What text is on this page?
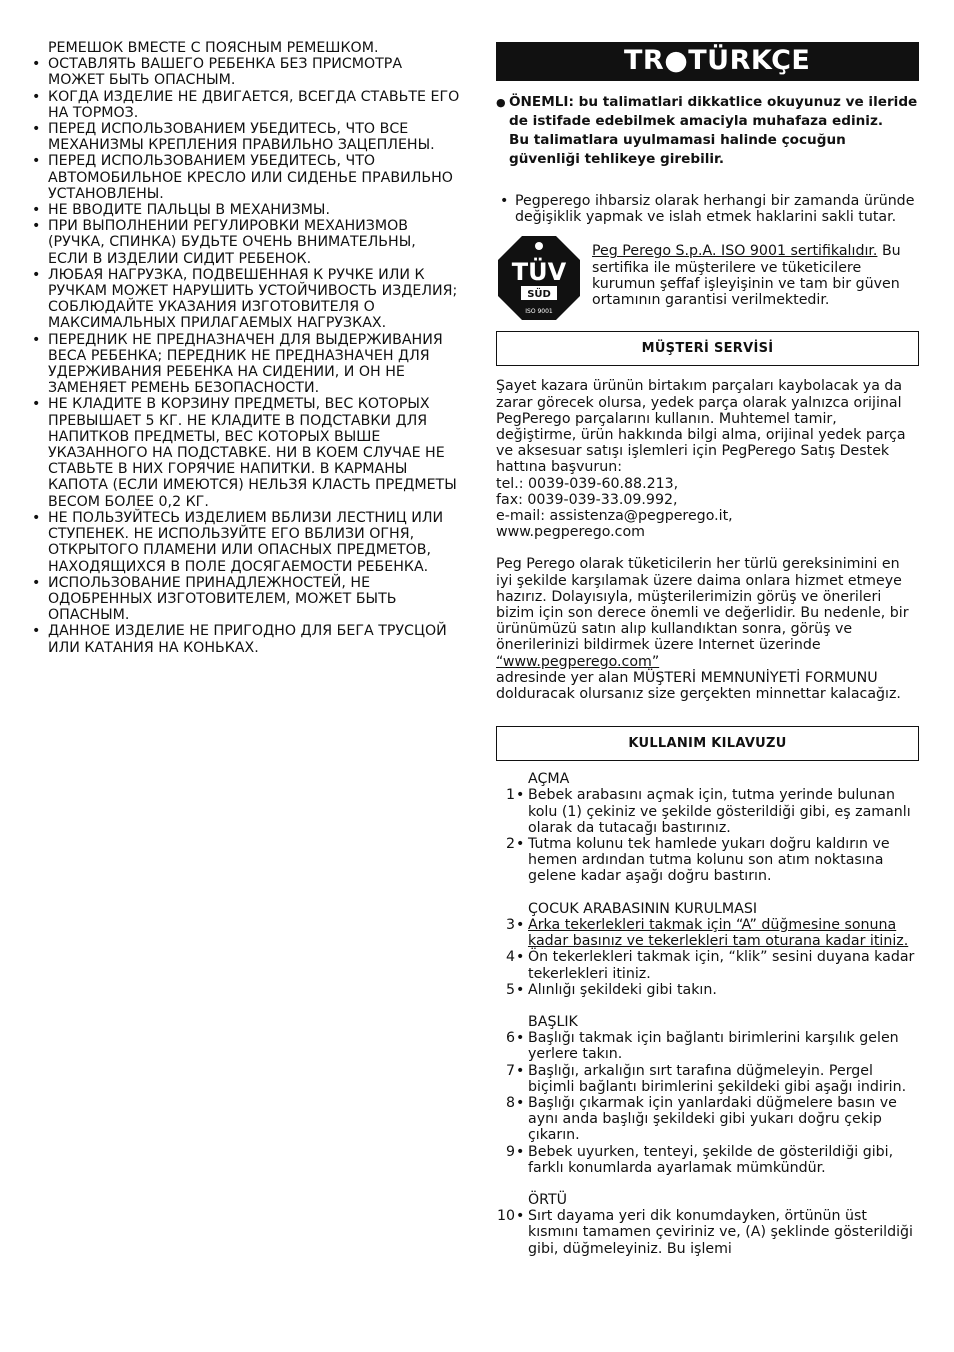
РЕМЕШОК ВМЕСТЕ С ПОЯСНЫМ РЕМЕШКОМ.
• ОСТАВЛЯТЬ ВАШЕГО РЕБЕНКА БЕЗ ПРИСМОТРА МОЖЕТ БЫТЬ ОПАСНЫМ.
• КОГДА ИЗДЕЛИЕ НЕ ДВИГАЕТСЯ, ВСЕГДА СТАВЬТЕ ЕГО НА ТОРМОЗ.
• ПЕРЕД ИСПОЛЬЗОВАНИЕМ УБЕДИТЕСЬ, ЧТО ВСЕ МЕХАНИЗМЫ КРЕПЛЕНИЯ ПРАВИЛЬНО ЗАЦЕПЛЕНЫ.
• ПЕРЕД ИСПОЛЬЗОВАНИЕМ УБЕДИТЕСЬ, ЧТО АВТОМОБИЛЬНОЕ КРЕСЛО ИЛИ СИДЕНЬЕ ПРАВИЛЬНО УСТАНОВЛЕНЫ.
• НЕ ВВОДИТЕ ПАЛЬЦЫ В МЕХАНИЗМЫ.
• ПРИ ВЫПОЛНЕНИИ РЕГУЛИРОВКИ МЕХАНИЗМОВ (РУЧКА, СПИНКА) БУДЬТЕ ОЧЕНЬ ВНИМАТЕЛЬНЫ, ЕСЛИ В ИЗДЕЛИИ СИДИТ РЕБЕНОК.
• ЛЮБАЯ НАГРУЗКА, ПОДВЕШЕННАЯ К РУЧКЕ ИЛИ К РУЧКАМ МОЖЕТ НАРУШИТЬ УСТОЙЧИВОСТЬ ИЗДЕЛИЯ; СОБЛЮДАЙТЕ УКАЗАНИЯ ИЗГОТОВИТЕЛЯ О МАКСИМАЛЬНЫХ ПРИЛАГАЕМЫХ НАГРУЗКАХ.
• ПЕРЕДНИК НЕ ПРЕДНАЗНАЧЕН ДЛЯ ВЫДЕРЖИВАНИЯ ВЕСА РЕБЕНКА; ПЕРЕДНИК НЕ ПРЕДНАЗНАЧЕН ДЛЯ УДЕРЖИВАНИЯ РЕБЕНКА НА СИДЕНИИ, И ОН НЕ ЗАМЕНЯЕТ РЕМЕНЬ БЕЗОПАСНОСТИ.
• НЕ КЛАДИТЕ В КОРЗИНУ ПРЕДМЕТЫ, ВЕС КОТОРЫХ ПРЕВЫШАЕТ 5 КГ. НЕ КЛАДИТЕ В ПОДСТАВКИ ДЛЯ НАПИТКОВ ПРЕДМЕТЫ, ВЕС КОТОРЫХ ВЫШЕ УКАЗАННОГО НА ПОДСТАВКЕ. НИ В КОЕМ СЛУЧАЕ НЕ СТАВЬТЕ В НИХ ГОРЯЧИЕ НАПИТКИ. В КАРМАНЫ КАПОТА (ЕСЛИ ИМЕЮТСЯ) НЕЛЬЗЯ КЛАСТЬ ПРЕДМЕТЫ ВЕСОМ БОЛЕЕ 0,2 КГ.
• НЕ ПОЛЬЗУЙТЕСЬ ИЗДЕЛИЕМ ВБЛИЗИ ЛЕСТНИЦ ИЛИ СТУПЕНЕК. НЕ ИСПОЛЬЗУЙТЕ ЕГО ВБЛИЗИ ОГНЯ, ОТКРЫТОГО ПЛАМЕНИ ИЛИ ОПАСНЫХ ПРЕДМЕТОВ, НАХОДЯЩИХСЯ В ПОЛЕ ДОСЯГАЕМОСТИ РЕБЕНКА.
• ИСПОЛЬЗОВАНИЕ ПРИНАДЛЕЖНОСТЕЙ, НЕ ОДОБРЕННЫХ ИЗГОТОВИТЕЛЕМ, МОЖЕТ БЫТЬ ОПАСНЫМ.
• ДАННОЕ ИЗДЕЛИЕ НЕ ПРИГОДНО ДЛЯ БЕГА ТРУСЦОЙ ИЛИ КАТАНИЯ НА КОНЬКАХ.
TR●TÜRKÇE
● ÖNEMLI: bu talimatlari dikkatlice okuyunuz ve ileride de istifade edebilmek amaciyla muhafaza ediniz.
Bu talimatlara uyulmamasi halinde çocuğun güvenliği tehlikeye girebilir.
• Pegperego ihbarsiz olarak herhangi bir zamanda üründe değişiklik yapmak ve islah etmek haklarini sakli tutar.
TÜV
SÜD
ISO 9001
Peg Perego S.p.A. ISO 9001 sertifikalıdır. Bu sertifika ile müşterilere ve tüketicilere kurumun şeffaf işleyişinin ve tam bir güven ortamının garantisi verilmektedir.
MÜŞTERİ SERVİSİ

Şayet kazara ürünün birtakım parçaları kaybolacak ya da zarar görecek olursa, yedek parça olarak yalnızca orijinal PegPerego parçalarını kullanın. Muhtemel tamir, değiştirme, ürün hakkında bilgi alma, orijinal yedek parça ve aksesuar satışı işlemleri için PegPerego Satış Destek hattına başvurun:

tel.: 0039-039-60.88.213,
fax: 0039-039-33.09.992,
e-mail: assistenza@pegperego.it,
www.pegperego.com

Peg Perego olarak tüketicilerin her türlü gereksinimini en iyi şekilde karşılamak üzere daima onlara hizmet etmeye hazırız. Dolayısıyla, müşterilerimizin görüş ve önerileri bizim için son derece önemli ve değerlidir. Bu nedenle, bir ürünümüzü satın alıp kullandıktan sonra, görüş ve önerilerinizi bildirmek üzere Internet üzerinde “www.pegperego.com”
adresinde yer alan MÜŞTERİ MEMNUNİYETİ FORMUNU dolduracak olursanız size gerçekten minnettar kalacağız.

KULLANIM KILAVUZU
AÇMA
1 • Bebek arabasını açmak için, tutma yerinde bulunan kolu (1) çekiniz ve şekilde gösterildiği gibi, eş zamanlı olarak da tutacağı bastırınız.
2 • Tutma kolunu tek hamlede yukarı doğru kaldırın ve hemen ardından tutma kolunu son atım noktasına gelene kadar aşağı doğru bastırın.
ÇOCUK ARABASININ KURULMASI
3 • Arka tekerlekleri takmak için “A” düğmesine sonuna kadar basınız ve tekerlekleri tam oturana kadar itiniz.
4 • Ön tekerlekleri takmak için, “klik” sesini duyana kadar tekerlekleri itiniz.
5 • Alınlığı şekildeki gibi takın.
BAŞLIK
6 • Başlığı takmak için bağlantı birimlerini karşılık gelen yerlere takın.
7 • Başlığı, arkalığın sırt tarafına düğmeleyin. Pergel biçimli bağlantı birimlerini şekildeki gibi aşağı indirin.
8 • Başlığı çıkarmak için yanlardaki düğmelere basın ve aynı anda başlığı şekildeki gibi yukarı doğru çekip çıkarın.
9 • Bebek uyurken, tenteyi, şekilde de gösterildiği gibi, farklı konumlarda ayarlamak mümkündür.
ÖRTÜ
10 • Sırt dayama yeri dik konumdayken, örtünün üst kısmını tamamen çeviriniz ve, (A) şeklinde gösterildiği gibi, düğmeleyiniz. Bu işlemi
